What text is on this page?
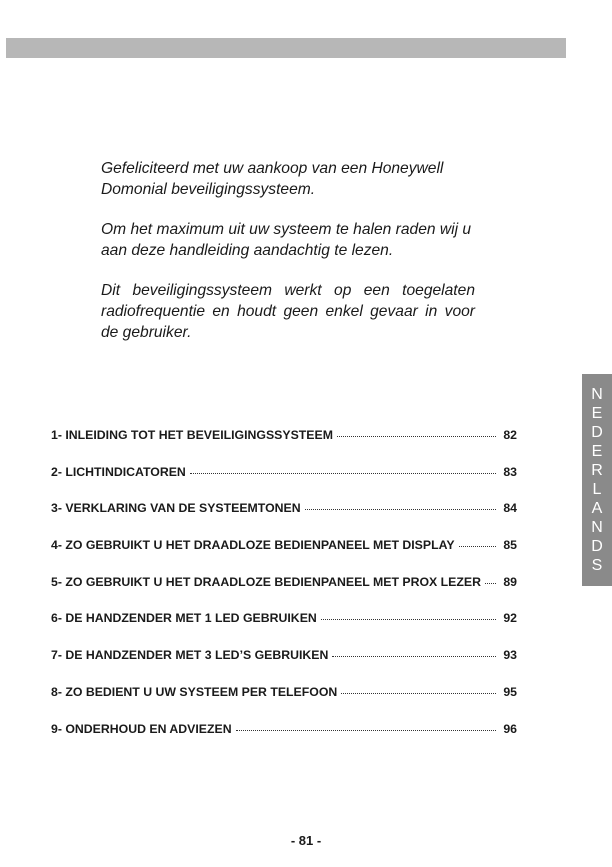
Gefeliciteerd met uw aankoop van een Honeywell Domonial beveiligingssysteem.

Om het maximum uit uw systeem te halen raden wij u aan deze handleiding aandachtig te lezen.

Dit beveiligingssysteem werkt op een toegelaten radiofrequentie en houdt geen enkel gevaar in voor de gebruiker.

N
E
D
E
R
L
A
N
D
S
1- INLEIDING TOT HET BEVEILIGINGSSYSTEEM	82
2- LICHTINDICATOREN	83
3- VERKLARING VAN DE SYSTEEMTONEN	84
4- ZO GEBRUIKT U HET DRAADLOZE BEDIENPANEEL MET DISPLAY	85
5- ZO GEBRUIKT U HET DRAADLOZE BEDIENPANEEL MET PROX LEZER	89
6- DE HANDZENDER MET 1 LED GEBRUIKEN	92
7- DE HANDZENDER MET 3 LED’S GEBRUIKEN	93
8- ZO BEDIENT U UW SYSTEEM PER TELEFOON	95
9- ONDERHOUD EN ADVIEZEN	96
- 81 -
